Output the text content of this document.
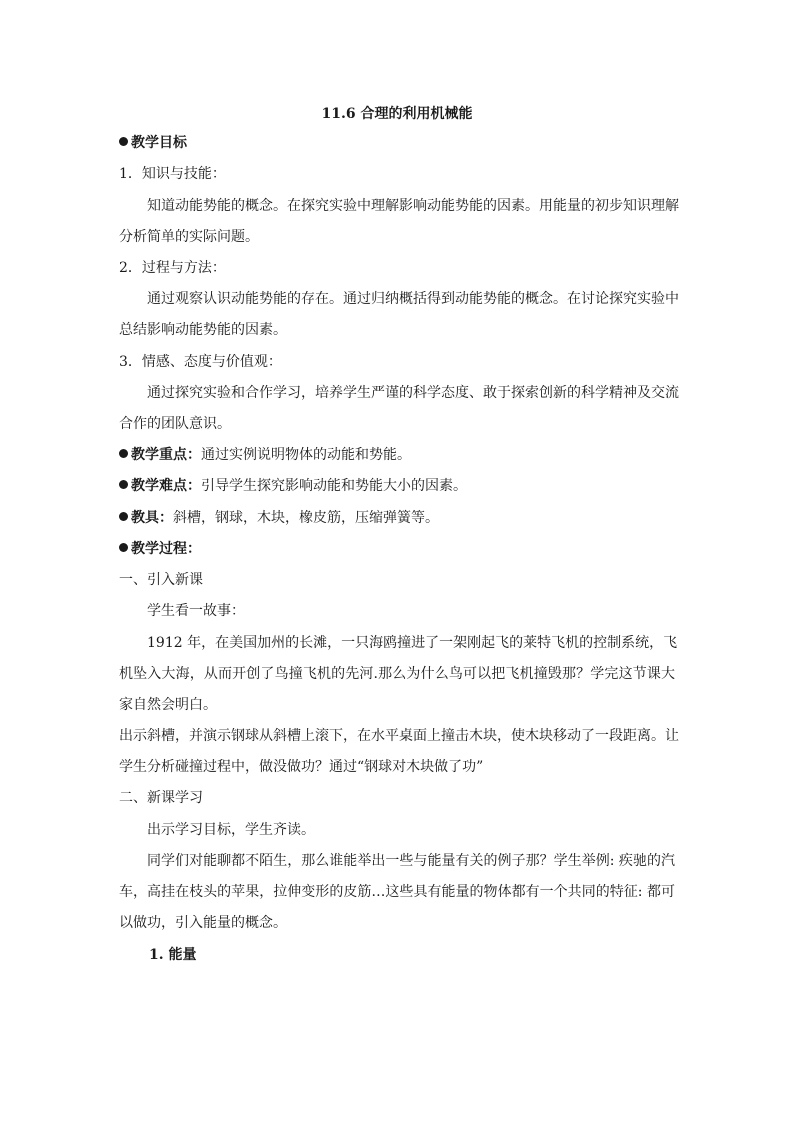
11.6 合理的利用机械能
教学目标
1．知识与技能：
知道动能势能的概念。在探究实验中理解影响动能势能的因素。用能量的初步知识理解
分析简单的实际问题。
2．过程与方法：
通过观察认识动能势能的存在。通过归纳概括得到动能势能的概念。在讨论探究实验中
总结影响动能势能的因素。
3．情感、态度与价值观：
通过探究实验和合作学习，培养学生严谨的科学态度、敢于探索创新的科学精神及交流
合作的团队意识。
教学重点：通过实例说明物体的动能和势能。
教学难点：引导学生探究影响动能和势能大小的因素。
教具：斜槽，钢球，木块，橡皮筋，压缩弹簧等。
教学过程：
一、引入新课
学生看一故事：
1912 年，在美国加州的长滩，一只海鸥撞进了一架刚起飞的莱特飞机的控制系统，飞
机坠入大海，从而开创了鸟撞飞机的先河.那么为什么鸟可以把飞机撞毁那？学完这节课大
家自然会明白。
出示斜槽，并演示钢球从斜槽上滚下，在水平桌面上撞击木块，使木块移动了一段距离。让
学生分析碰撞过程中，做没做功？通过“钢球对木块做了功”
二、新课学习
出示学习目标，学生齐读。
同学们对能聊都不陌生，那么谁能举出一些与能量有关的例子那？学生举例: 疾驰的汽
车，高挂在枝头的苹果，拉伸变形的皮筋…这些具有能量的物体都有一个共同的特征: 都可
以做功，引入能量的概念。
1. 能量
